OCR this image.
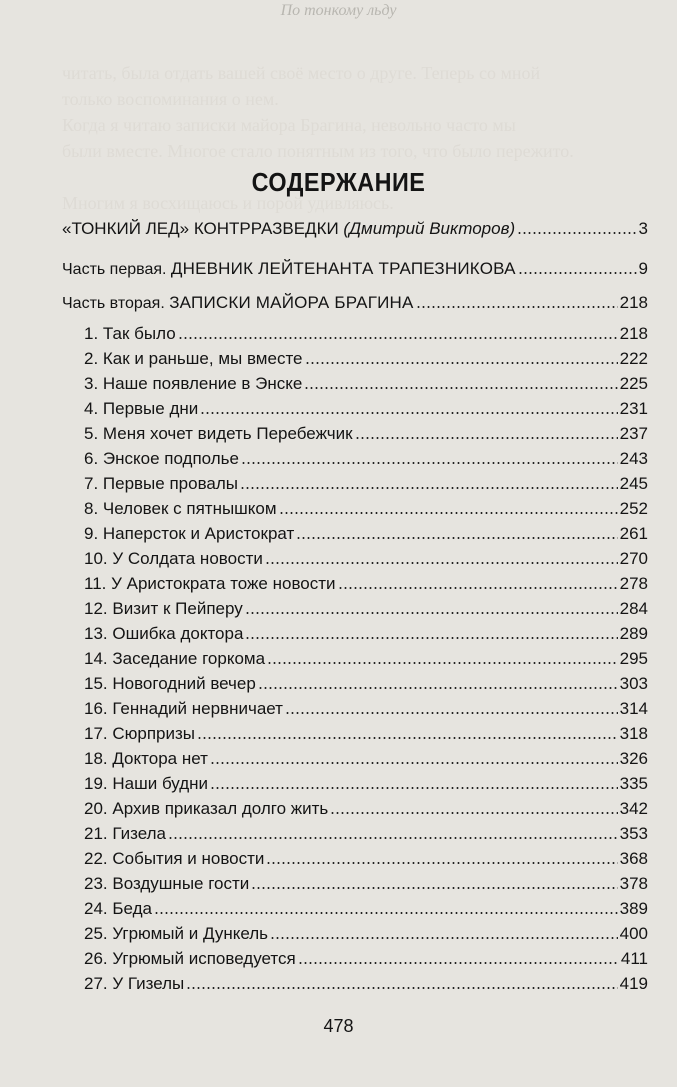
По тонкому льду
читать, была отдать вашей своё место о друге. Теперь со мной
только воспоминания о нем.
Когда я читаю записки майора Брагина, невольно часто мы
были вместе. Многое стало понятным из того, что было пережито.
Многим я восхищаюсь и порой удивляюсь.
СОДЕРЖАНИЕ
«ТОНКИЙ ЛЕД» КОНТРРАЗВЕДКИ (Дмитрий Викторов)	3
Часть первая. ДНЕВНИК ЛЕЙТЕНАНТА ТРАПЕЗНИКОВА	9
Часть вторая. ЗАПИСКИ МАЙОРА БРАГИНА	218
1. Так было	218
2. Как и раньше, мы вместе	222
3. Наше появление в Энске	225
4. Первые дни	231
5. Меня хочет видеть Перебежчик	237
6. Энское подполье	243
7. Первые провалы	245
8. Человек с пятнышком	252
9. Наперсток и Аристократ	261
10. У Солдата новости	270
11. У Аристократа тоже новости	278
12. Визит к Пейперу	284
13. Ошибка доктора	289
14. Заседание горкома	295
15. Новогодний вечер	303
16. Геннадий нервничает	314
17. Сюрпризы	318
18. Доктора нет	326
19. Наши будни	335
20. Архив приказал долго жить	342
21. Гизела	353
22. События и новости	368
23. Воздушные гости	378
24. Беда	389
25. Угрюмый и Дункель	400
26. Угрюмый исповедуется	411
27. У Гизелы	419
478
